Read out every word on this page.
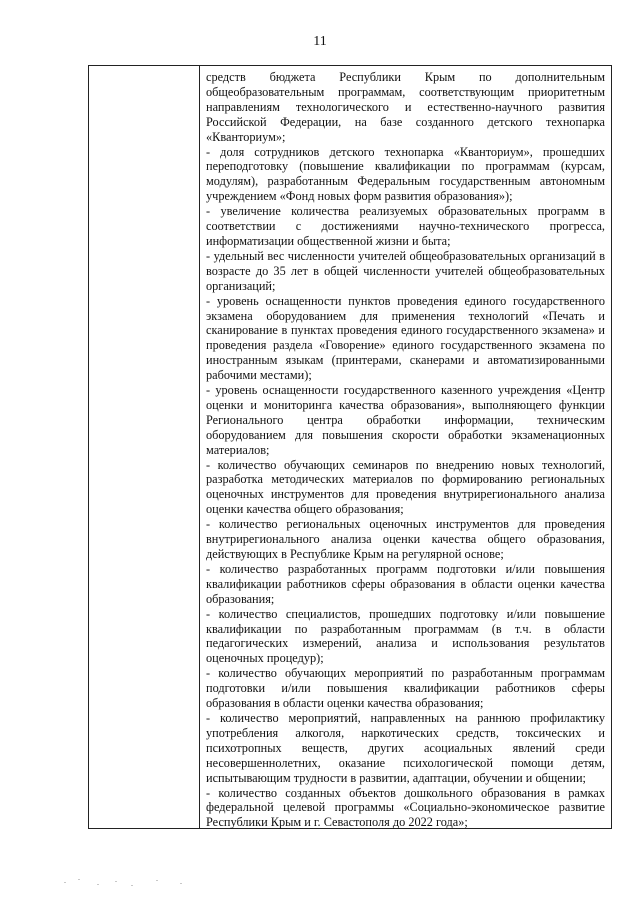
11

средств бюджета Республики Крым по дополнительным общеобразовательным программам, соответствующим приоритетным направлениям технологического и естественно-научного развития Российской Федерации, на базе созданного детского технопарка «Кванториум»;

- доля сотрудников детского технопарка «Кванториум», прошедших переподготовку (повышение квалификации по программам (курсам, модулям), разработанным Федеральным государственным автономным учреждением «Фонд новых форм развития образования»);

- увеличение количества реализуемых образовательных программ в соответствии с достижениями научно-технического прогресса, информатизации общественной жизни и быта;

- удельный вес численности учителей общеобразовательных организаций в возрасте до 35 лет в общей численности учителей общеобразовательных организаций;

- уровень оснащенности пунктов проведения единого государственного экзамена оборудованием для применения технологий «Печать и сканирование в пунктах проведения единого государственного экзамена» и проведения раздела «Говорение» единого государственного экзамена по иностранным языкам (принтерами, сканерами и автоматизированными рабочими местами);

- уровень оснащенности государственного казенного учреждения «Центр оценки и мониторинга качества образования», выполняющего функции Регионального центра обработки информации, техническим оборудованием для повышения скорости обработки экзаменационных материалов;

- количество обучающих семинаров по внедрению новых технологий, разработка методических материалов по формированию региональных оценочных инструментов для проведения внутрирегионального анализа оценки качества общего образования;

- количество региональных оценочных инструментов для проведения внутрирегионального анализа оценки качества общего образования, действующих в Республике Крым на регулярной основе;

- количество разработанных программ подготовки и/или повышения квалификации работников сферы образования в области оценки качества образования;

- количество специалистов, прошедших подготовку и/или повышение квалификации по разработанным программам (в т.ч. в области педагогических измерений, анализа и использования результатов оценочных процедур);

- количество обучающих мероприятий по разработанным программам подготовки и/или повышения квалификации работников сферы образования в области оценки качества образования;

- количество мероприятий, направленных на раннюю профилактику употребления алкоголя, наркотических средств, токсических и психотропных веществ, других асоциальных явлений среди несовершеннолетних, оказание психологической помощи детям, испытывающим трудности в развитии, адаптации, обучении и общении;

- количество созданных объектов дошкольного образования в рамках федеральной целевой программы «Социально-экономическое развитие Республики Крым и г. Севастополя до 2022 года»;
